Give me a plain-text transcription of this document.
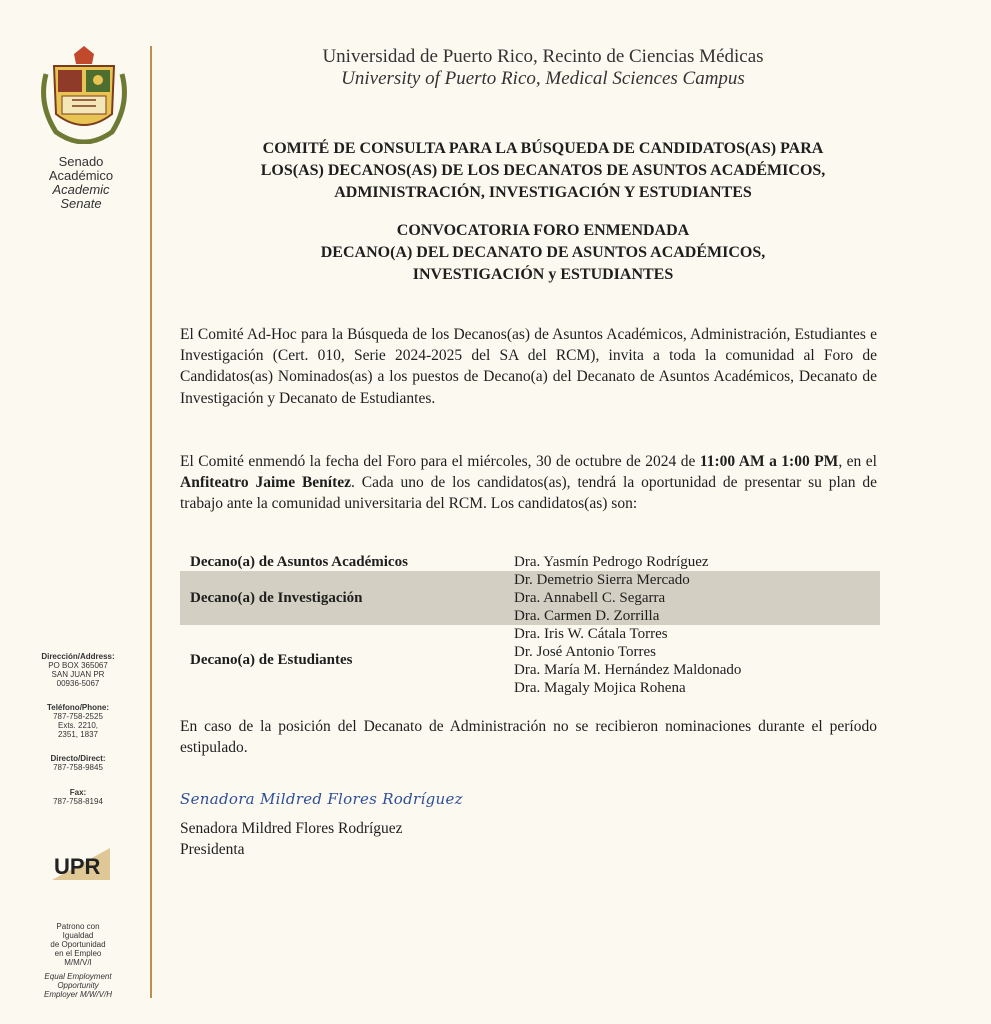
Senado
Académico
Academic
Senate
Dirección/Address:
PO BOX 365067
SAN JUAN PR
00936-5067
Teléfono/Phone:
787-758-2525
Exts. 2210,
2351, 1837
Directo/Direct:
787-758-9845
Fax:
787-758-8194
UPR
Patrono con
Igualdad
de Oportunidad
en el Empleo
M/M/V/I
Equal Employment
Opportunity
Employer M/W/V/H
Universidad de Puerto Rico, Recinto de Ciencias Médicas
University of Puerto Rico, Medical Sciences Campus
COMITÉ DE CONSULTA PARA LA BÚSQUEDA DE CANDIDATOS(AS) PARA
LOS(AS) DECANOS(AS) DE LOS DECANATOS DE ASUNTOS ACADÉMICOS,
ADMINISTRACIÓN, INVESTIGACIÓN Y ESTUDIANTES
CONVOCATORIA FORO ENMENDADA
DECANO(A) DEL DECANATO DE ASUNTOS ACADÉMICOS,
INVESTIGACIÓN y ESTUDIANTES
El Comité Ad-Hoc para la Búsqueda de los Decanos(as) de Asuntos Académicos, Administración, Estudiantes e Investigación (Cert. 010, Serie 2024-2025 del SA del RCM), invita a toda la comunidad al Foro de Candidatos(as) Nominados(as) a los puestos de Decano(a) del Decanato de Asuntos Académicos, Decanato de Investigación y Decanato de Estudiantes.
El Comité enmendó la fecha del Foro para el miércoles, 30 de octubre de 2024 de 11:00 AM a 1:00 PM, en el Anfiteatro Jaime Benítez. Cada uno de los candidatos(as), tendrá la oportunidad de presentar su plan de trabajo ante la comunidad universitaria del RCM. Los candidatos(as) son:
Decano(a) de Asuntos Académicos	Dra. Yasmín Pedrogo Rodríguez
Decano(a) de Investigación
Dr. Demetrio Sierra Mercado
Dra. Annabell C. Segarra
Dra. Carmen D. Zorrilla
Decano(a) de Estudiantes
Dra. Iris W. Cátala Torres
Dr. José Antonio Torres
Dra. María M. Hernández Maldonado
Dra. Magaly Mojica Rohena
En caso de la posición del Decanato de Administración no se recibieron nominaciones durante el período estipulado.
Senadora Mildred Flores Rodríguez
Senadora Mildred Flores Rodríguez
Presidenta
